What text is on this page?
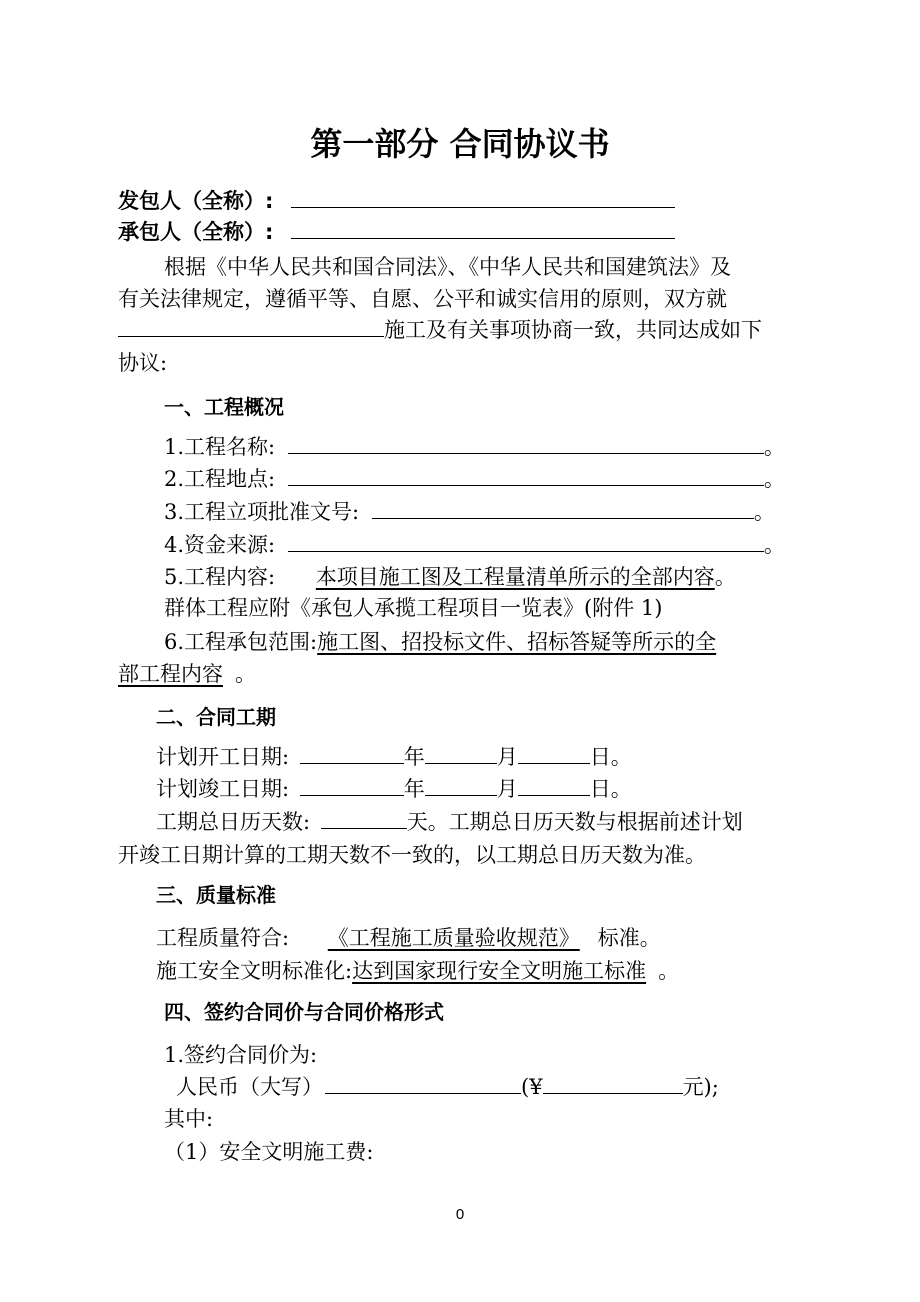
第一部分 合同协议书
发包人（全称）:
承包人（全称）:
根据《中华人民共和国合同法》、《中华人民共和国建筑法》及
有关法律规定，遵循平等、自愿、公平和诚实信用的原则，双方就
施工及有关事项协商一致，共同达成如下
协议:
一、工程概况
1.工程名称:	。
2.工程地点:	。
3.工程立项批准文号:	。
4.资金来源:	。
5.工程内容: 本项目施工图及工程量清单所示的全部内容。
群体工程应附《承包人承揽工程项目一览表》(附件 1)
6.工程承包范围:施工图、招投标文件、招标答疑等所示的全
部工程内容 。
二、合同工期
计划开工日期:	年	月	日。
计划竣工日期:	年	月	日。
工期总日历天数:	天。工期总日历天数与根据前述计划
开竣工日期计算的工期天数不一致的，以工期总日历天数为准。
三、质量标准
工程质量符合: 《工程施工质量验收规范》 标准。
施工安全文明标准化:达到国家现行安全文明施工标准 。
四、签约合同价与合同价格形式
1.签约合同价为:
人民币（大写）	(¥	元);
其中:
（1）安全文明施工费:
0
